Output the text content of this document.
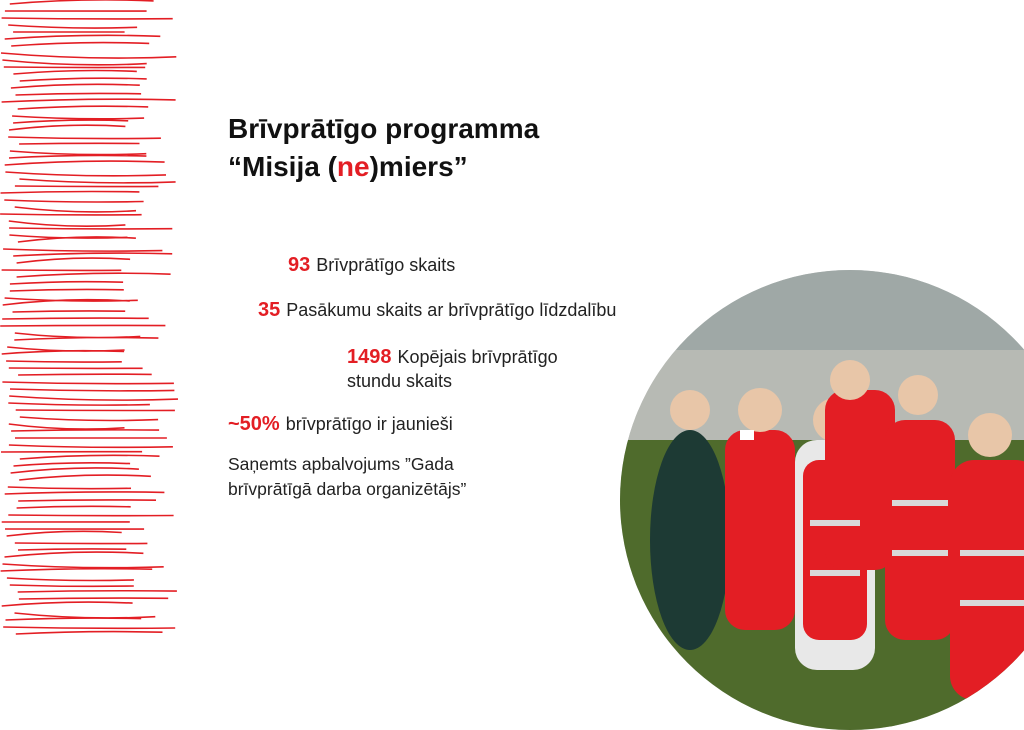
Brīvprātīgo programma
“Misija (ne)miers”
93 Brīvprātīgo skaits
35 Pasākumu skaits ar brīvprātīgo līdzdalību
1498 Kopējais brīvprātīgo
stundu skaits
~50% brīvprātīgo ir jaunieši
Saņemts apbalvojums ”Gada
brīvprātīgā darba organizētājs”
